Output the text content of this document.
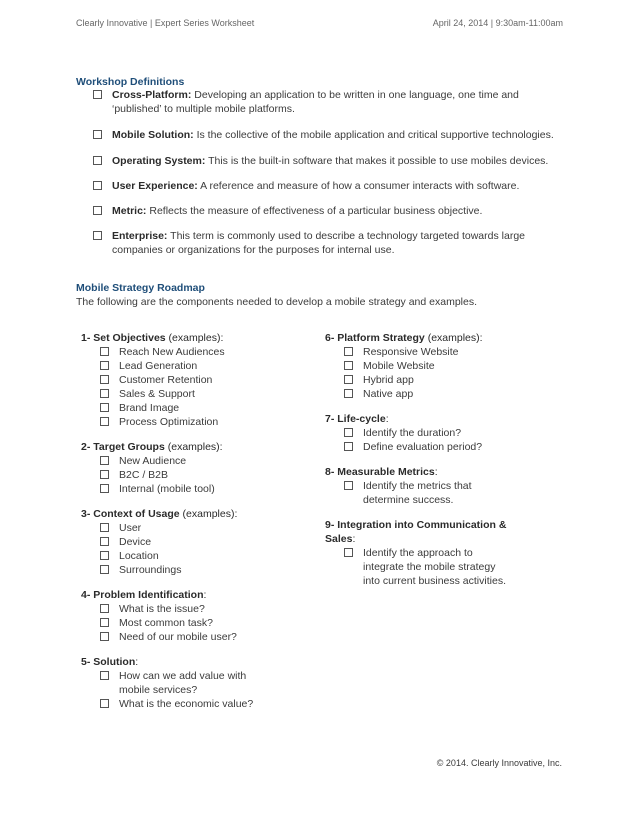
Clearly Innovative | Expert Series Worksheet	April 24, 2014 | 9:30am-11:00am
Workshop Definitions
Cross-Platform: Developing an application to be written in one language, one time and ‘published’ to multiple mobile platforms.
Mobile Solution: Is the collective of the mobile application and critical supportive technologies.
Operating System: This is the built-in software that makes it possible to use mobiles devices.
User Experience: A reference and measure of how a consumer interacts with software.
Metric: Reflects the measure of effectiveness of a particular business objective.
Enterprise: This term is commonly used to describe a technology targeted towards large companies or organizations for the purposes for internal use.
Mobile Strategy Roadmap
The following are the components needed to develop a mobile strategy and examples.
1- Set Objectives (examples):
Reach New Audiences
Lead Generation
Customer Retention
Sales & Support
Brand Image
Process Optimization
2- Target Groups (examples):
New Audience
B2C / B2B
Internal (mobile tool)
3- Context of Usage (examples):
User
Device
Location
Surroundings
4- Problem Identification:
What is the issue?
Most common task?
Need of our mobile user?
5- Solution:
How can we add value with mobile services?
What is the economic value?
6- Platform Strategy (examples):
Responsive Website
Mobile Website
Hybrid app
Native app
7- Life-cycle:
Identify the duration?
Define evaluation period?
8- Measurable Metrics:
Identify the metrics that determine success.
9- Integration into Communication & Sales:
Identify the approach to integrate the mobile strategy into current business activities.
© 2014. Clearly Innovative, Inc.
